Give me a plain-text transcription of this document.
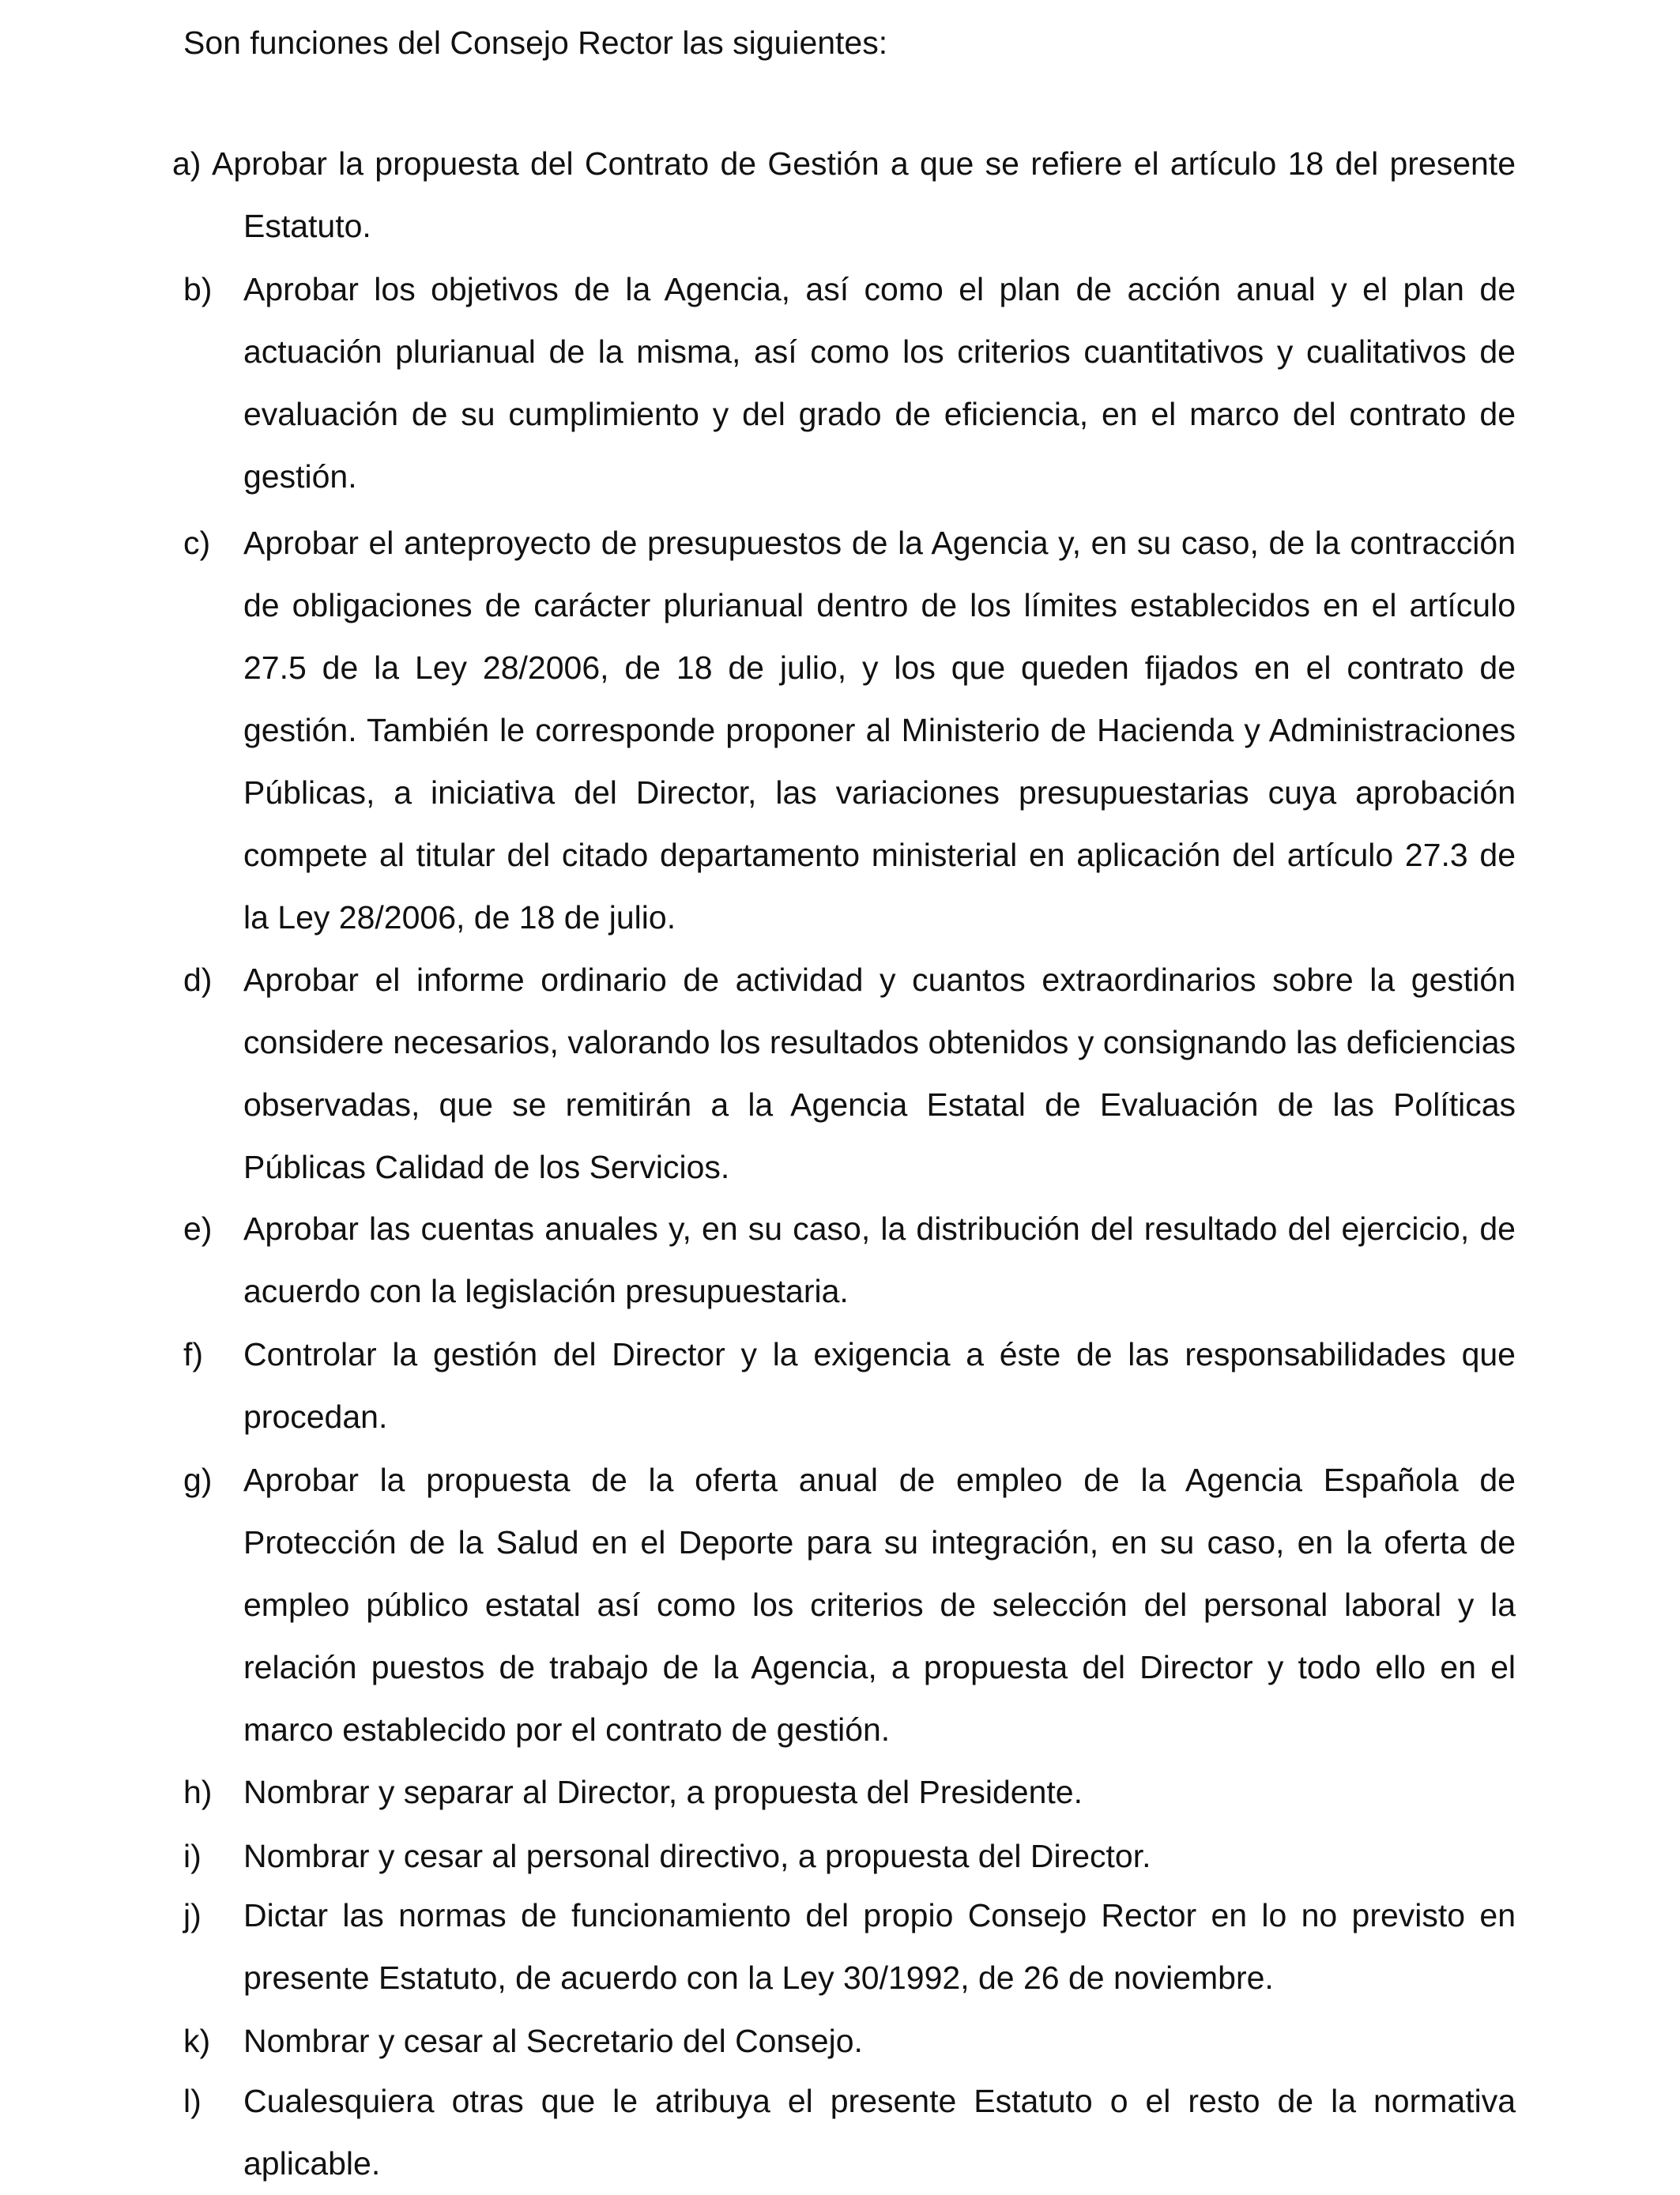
Son funciones del Consejo Rector las siguientes:
a) Aprobar la propuesta del Contrato de Gestión a que se refiere el artículo 18 del presente Estatuto.
b) Aprobar los objetivos de la Agencia, así como el plan de acción anual y el plan de actuación plurianual de la misma, así como los criterios cuantitativos y cualitativos de evaluación de su cumplimiento y del grado de eficiencia, en el marco del contrato de gestión.
c) Aprobar el anteproyecto de presupuestos de la Agencia y, en su caso, de la contracción de obligaciones de carácter plurianual dentro de los límites establecidos en el artículo 27.5 de la Ley 28/2006, de 18 de julio, y los que queden fijados en el contrato de gestión. También le corresponde proponer al Ministerio de Hacienda y Administraciones Públicas, a iniciativa del Director, las variaciones presupuestarias cuya aprobación compete al titular del citado departamento ministerial en aplicación del artículo 27.3 de la Ley 28/2006, de 18 de julio.
d) Aprobar el informe ordinario de actividad y cuantos extraordinarios sobre la gestión considere necesarios, valorando los resultados obtenidos y consignando las deficiencias observadas, que se remitirán a la Agencia Estatal de Evaluación de las Políticas Públicas Calidad de los Servicios.
e) Aprobar las cuentas anuales y, en su caso, la distribución del resultado del ejercicio, de acuerdo con la legislación presupuestaria.
f) Controlar la gestión del Director y la exigencia a éste de las responsabilidades que procedan.
g) Aprobar la propuesta de la oferta anual de empleo de la Agencia Española de Protección de la Salud en el Deporte para su integración, en su caso, en la oferta de empleo público estatal así como los criterios de selección del personal laboral y la relación puestos de trabajo de la Agencia, a propuesta del Director y todo ello en el marco establecido por el contrato de gestión.
h) Nombrar y separar al Director, a propuesta del Presidente.
i) Nombrar y cesar al personal directivo, a propuesta del Director.
j) Dictar las normas de funcionamiento del propio Consejo Rector en lo no previsto en presente Estatuto, de acuerdo con la Ley 30/1992, de 26 de noviembre.
k) Nombrar y cesar al Secretario del Consejo.
l) Cualesquiera otras que le atribuya el presente Estatuto o el resto de la normativa aplicable.
